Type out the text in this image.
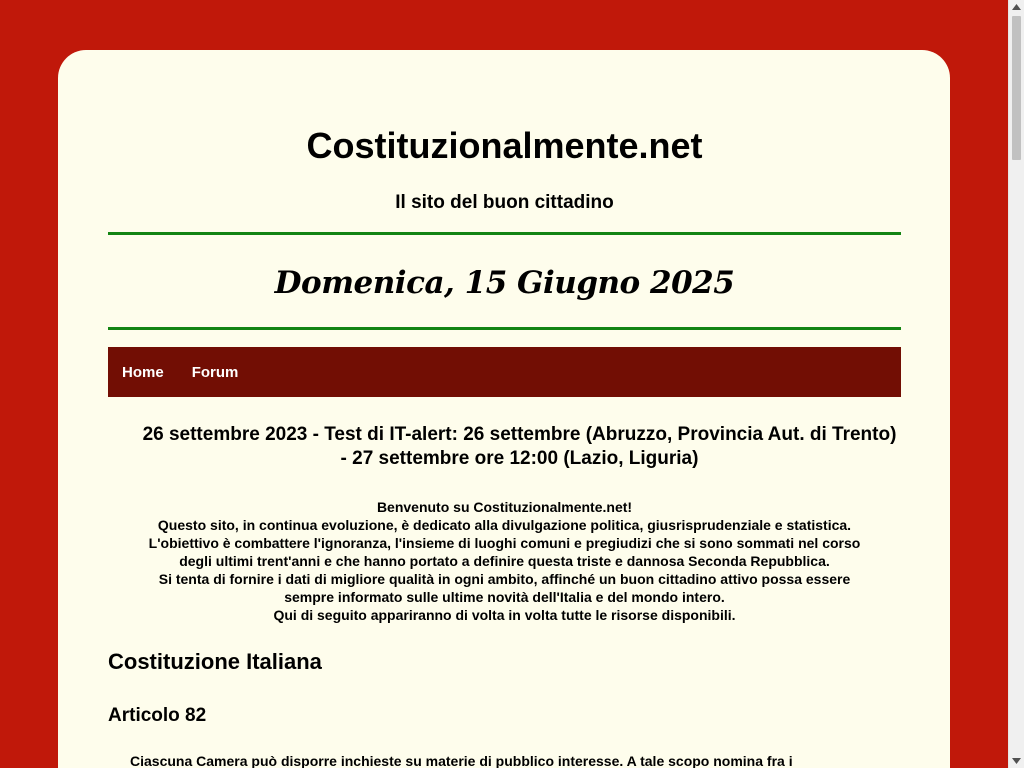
Costituzionalmente.net
Il sito del buon cittadino
Domenica, 15 Giugno 2025
Home Forum
26 settembre 2023 - Test di IT-alert: 26 settembre (Abruzzo, Provincia Aut. di Trento) - 27 settembre ore 12:00 (Lazio, Liguria)
Benvenuto su Costituzionalmente.net!
Questo sito, in continua evoluzione, è dedicato alla divulgazione politica, giusrisprudenziale e statistica.
L'obiettivo è combattere l'ignoranza, l'insieme di luoghi comuni e pregiudizi che si sono sommati nel corso
degli ultimi trent'anni e che hanno portato a definire questa triste e dannosa Seconda Repubblica.
Si tenta di fornire i dati di migliore qualità in ogni ambito, affinché un buon cittadino attivo possa essere
sempre informato sulle ultime novità dell'Italia e del mondo intero.
Qui di seguito appariranno di volta in volta tutte le risorse disponibili.
Costituzione Italiana
Articolo 82
Ciascuna Camera può disporre inchieste su materie di pubblico interesse. A tale scopo nomina fra i
